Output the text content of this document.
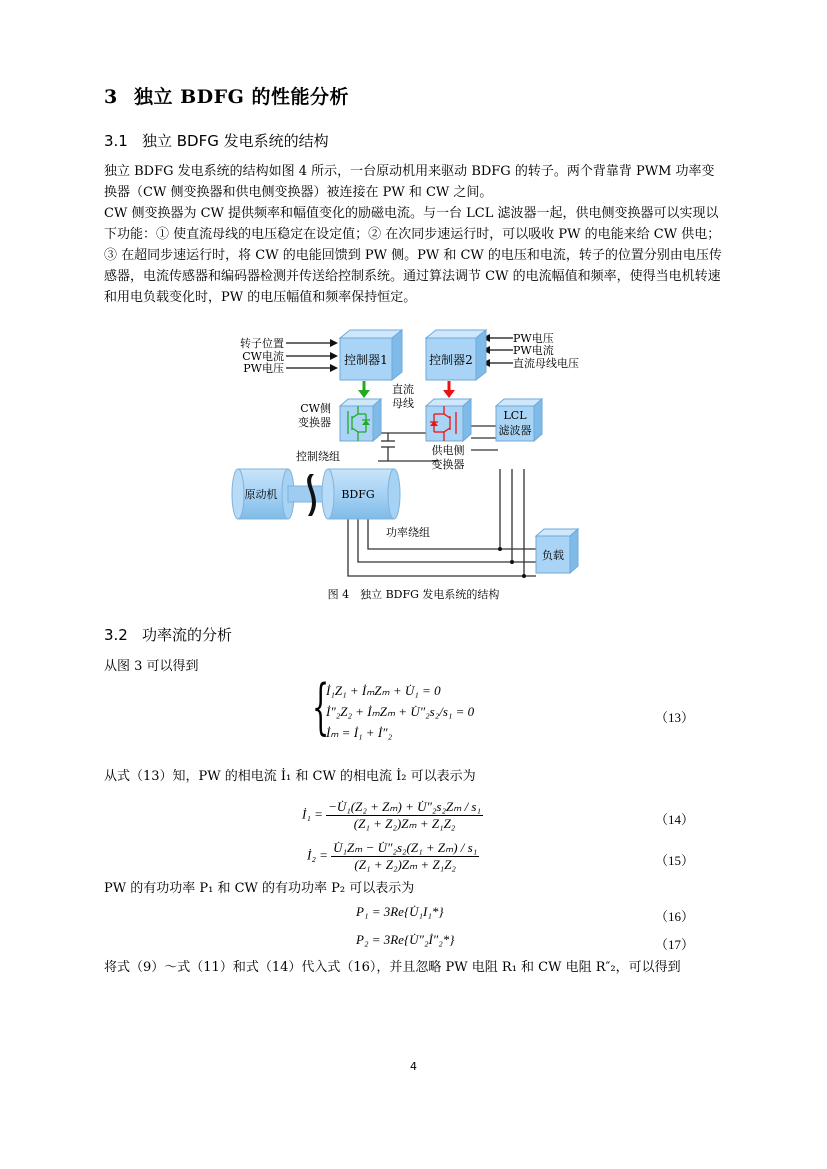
3 独立 BDFG 的性能分析
3.1 独立 BDFG 发电系统的结构

独立 BDFG 发电系统的结构如图 4 所示，一台原动机用来驱动 BDFG 的转子。两个背靠背 PWM 功率变换器（CW 侧变换器和供电侧变换器）被连接在 PW 和 CW 之间。

CW 侧变换器为 CW 提供频率和幅值变化的励磁电流。与一台 LCL 滤波器一起，供电侧变换器可以实现以下功能：① 使直流母线的电压稳定在设定值；② 在次同步速运行时，可以吸收 PW 的电能来给 CW 供电；③ 在超同步速运行时，将 CW 的电能回馈到 PW 侧。PW 和 CW 的电压和电流，转子的位置分别由电压传感器，电流传感器和编码器检测并传送给控制系统。通过算法调节 CW 的电流幅值和频率，使得当电机转速和用电负载变化时，PW 的电压幅值和频率保持恒定。

控制器1	控制器2
CW侧
变换器
直流
母线
供电侧
变换器
LCL
滤波器
控制绕组
原动机	BDFG
功率绕组
负载
转子位置
CW电流
PW电压
PW电压
PW电流
直流母线电压
图 4　独立 BDFG 发电系统的结构
3.2 功率流的分析
从图 3 可以得到
{
İ₁Z₁ + İₘZₘ + U̇₁ = 0
İ″₂Z₂ + İₘZₘ + U̇″₂s₂/s₁ = 0
İₘ = İ₁ + İ″₂
（13）
从式（13）知，PW 的相电流 İ₁ 和 CW 的相电流 İ₂ 可以表示为
İ₁ = $\frac{\text{−U̇₁(Z₂ + Zₘ) + U̇″₂s₂Zₘ / s₁}}{\text{(Z₁ + Z₂)Zₘ + Z₁Z₂}}$	（14）
İ₂ = $\frac{\text{U̇₁Zₘ − U̇″₂s₂(Z₁ + Zₘ) / s₁}}{\text{(Z₁ + Z₂)Zₘ + Z₁Z₂}}$	（15）
PW 的有功功率 P₁ 和 CW 的有功功率 P₂ 可以表示为
P₁ = 3Re{U̇₁I₁*}	（16）
P₂ = 3Re{U̇″₂İ″₂*}	（17）
将式（9）～式（11）和式（14）代入式（16），并且忽略 PW 电阻 R₁ 和 CW 电阻 R″₂，可以得到
4
